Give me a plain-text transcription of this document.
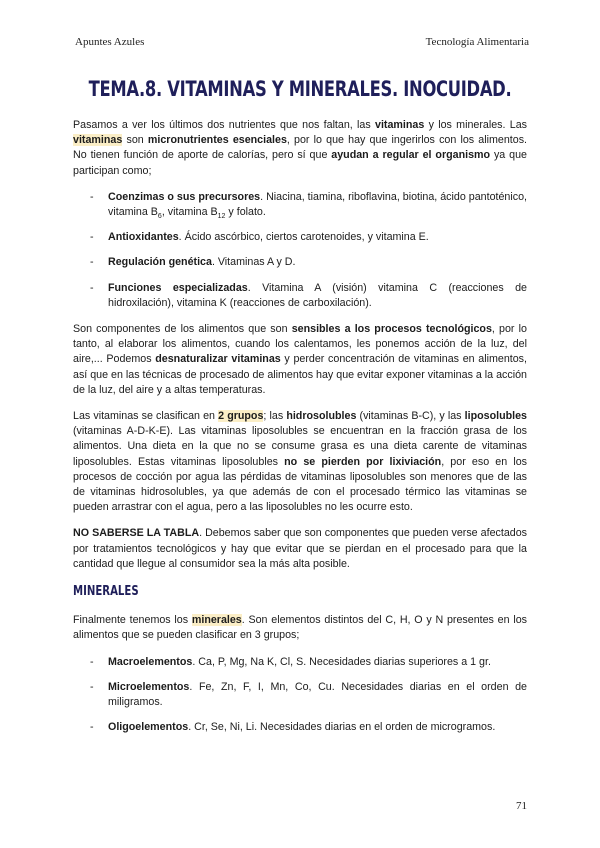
Apuntes Azules	Tecnología Alimentaria
TEMA.8. VITAMINAS Y MINERALES. INOCUIDAD.

Pasamos a ver los últimos dos nutrientes que nos faltan, las vitaminas y los minerales. Las vitaminas son micronutrientes esenciales, por lo que hay que ingerirlos con los alimentos. No tienen función de aporte de calorías, pero sí que ayudan a regular el organismo ya que participan como;

- Coenzimas o sus precursores. Niacina, tiamina, riboflavina, biotina, ácido pantoténico, vitamina $B_6$, vitamina $B_{12}$ y folato.
- Antioxidantes. Ácido ascórbico, ciertos carotenoides, y vitamina E.
- Regulación genética. Vitaminas A y D.
- Funciones especializadas. Vitamina A (visión) vitamina C (reacciones de hidroxilación), vitamina K (reacciones de carboxilación).

Son componentes de los alimentos que son sensibles a los procesos tecnológicos, por lo tanto, al elaborar los alimentos, cuando los calentamos, les ponemos acción de la luz, del aire,... Podemos desnaturalizar vitaminas y perder concentración de vitaminas en alimentos, así que en las técnicas de procesado de alimentos hay que evitar exponer vitaminas a la acción de la luz, del aire y a altas temperaturas.

Las vitaminas se clasifican en 2 grupos; las hidrosolubles (vitaminas B-C), y las liposolubles (vitaminas A-D-K-E). Las vitaminas liposolubles se encuentran en la fracción grasa de los alimentos. Una dieta en la que no se consume grasa es una dieta carente de vitaminas liposolubles. Estas vitaminas liposolubles no se pierden por lixiviación, por eso en los procesos de cocción por agua las pérdidas de vitaminas liposolubles son menores que de las de vitaminas hidrosolubles, ya que además de con el procesado térmico las vitaminas se pueden arrastrar con el agua, pero a las liposolubles no les ocurre esto.

NO SABERSE LA TABLA. Debemos saber que son componentes que pueden verse afectados por tratamientos tecnológicos y hay que evitar que se pierdan en el procesado para que la cantidad que llegue al consumidor sea la más alta posible.

MINERALES

Finalmente tenemos los minerales. Son elementos distintos del C, H, O y N presentes en los alimentos que se pueden clasificar en 3 grupos;

- Macroelementos. Ca, P, Mg, Na K, Cl, S. Necesidades diarias superiores a 1 gr.
- Microelementos. Fe, Zn, F, I, Mn, Co, Cu. Necesidades diarias en el orden de miligramos.
- Oligoelementos. Cr, Se, Ni, Li. Necesidades diarias en el orden de microgramos.
71
